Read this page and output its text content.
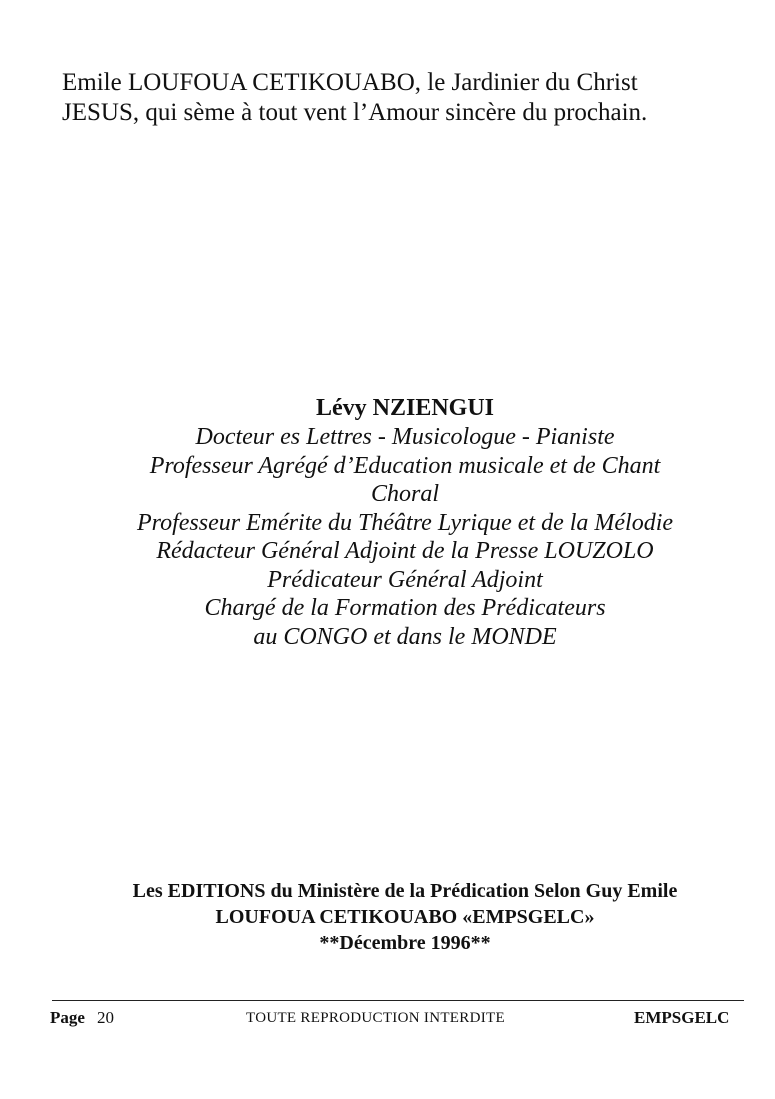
Emile LOUFOUA CETIKOUABO, le Jardinier du Christ
JESUS, qui sème à tout vent l’Amour sincère du prochain.
Lévy NZIENGUI
Docteur es Lettres - Musicologue - Pianiste
Professeur Agrégé d’Education musicale et de Chant
Choral
Professeur Emérite du Théâtre Lyrique et de la Mélodie
Rédacteur Général Adjoint de la Presse LOUZOLO
Prédicateur Général Adjoint
Chargé de la Formation des Prédicateurs
au CONGO et dans le MONDE
Les EDITIONS du Ministère de la Prédication Selon Guy Emile
LOUFOUA CETIKOUABO «EMPSGELC»
**Décembre 1996**
Page 20	TOUTE REPRODUCTION INTERDITE	EMPSGELC
